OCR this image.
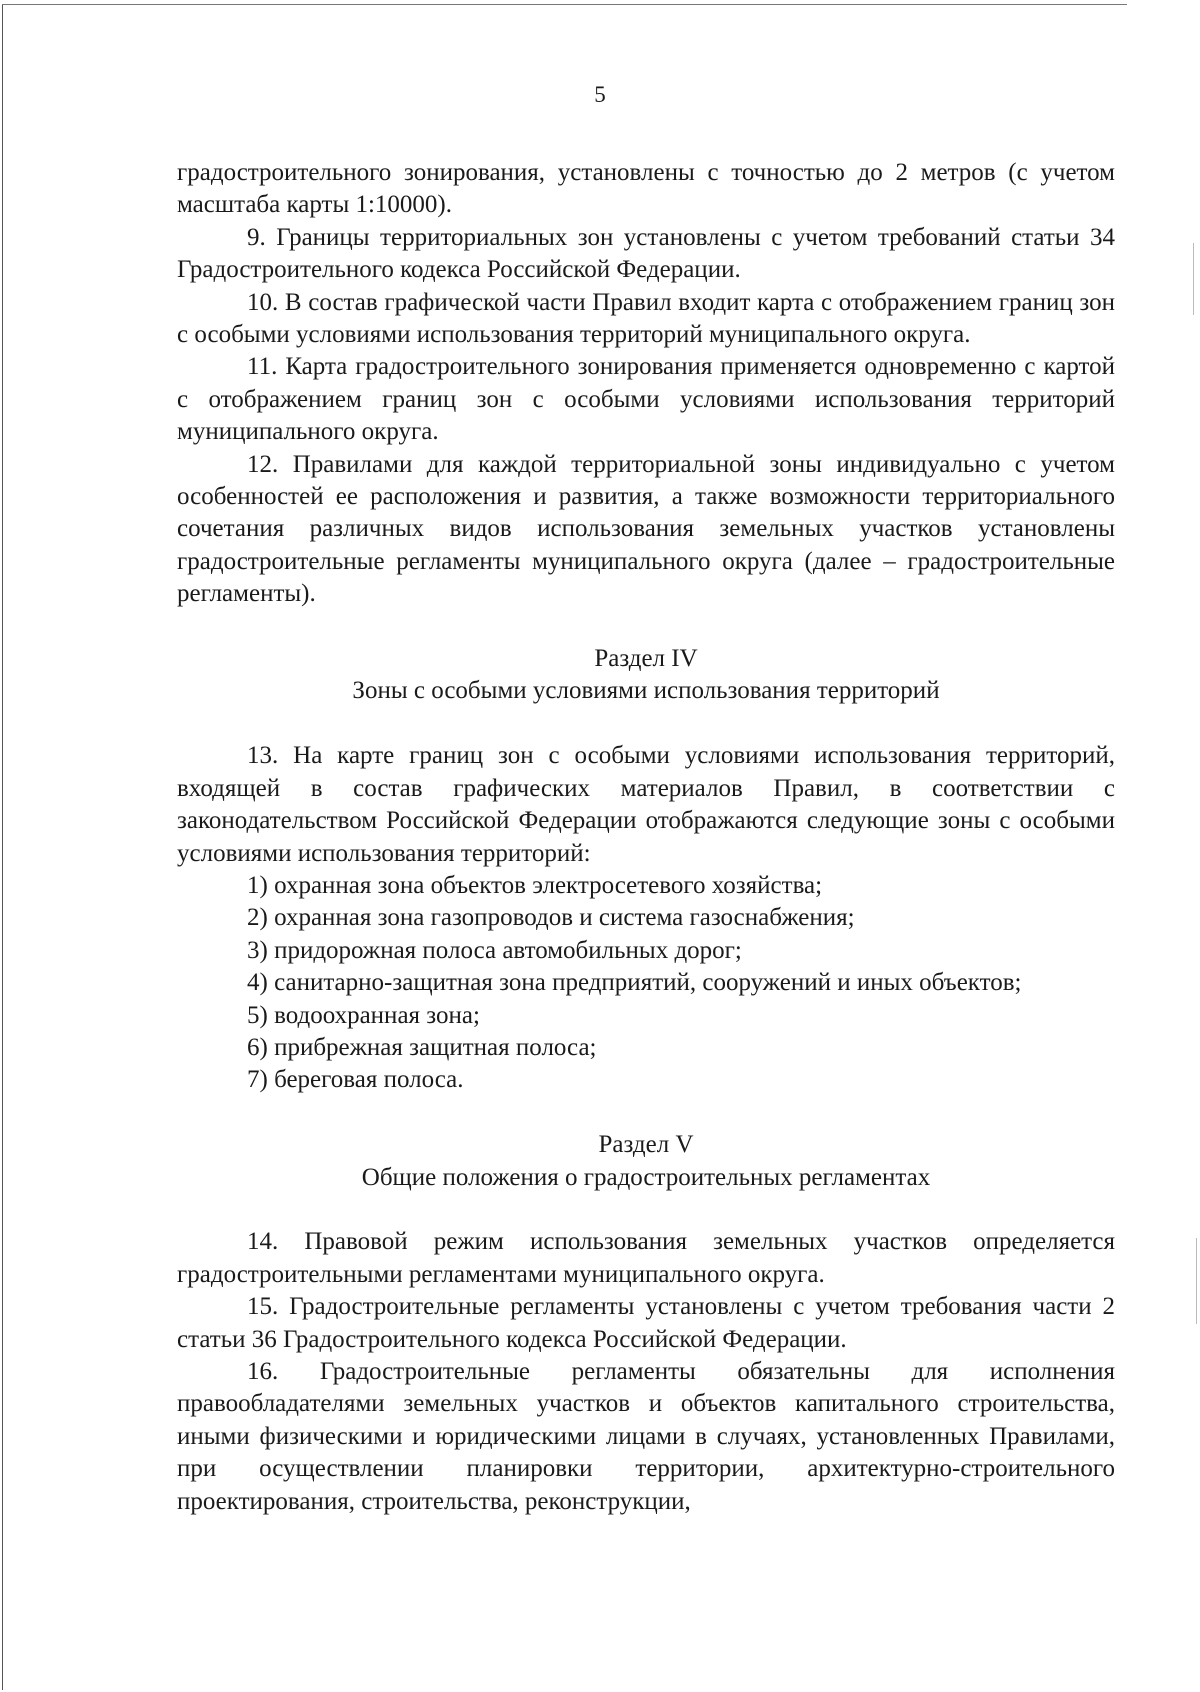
5

градостроительного зонирования, установлены с точностью до 2 метров (с учетом масштаба карты 1:10000).

9. Границы территориальных зон установлены с учетом требований статьи 34 Градостроительного кодекса Российской Федерации.

10. В состав графической части Правил входит карта с отображением границ зон с особыми условиями использования территорий муниципального округа.

11. Карта градостроительного зонирования применяется одновременно с картой с отображением границ зон с особыми условиями использования территорий муниципального округа.

12. Правилами для каждой территориальной зоны индивидуально с учетом особенностей ее расположения и развития, а также возможности территориального сочетания различных видов использования земельных участков установлены градостроительные регламенты муниципального округа (далее – градостроительные регламенты).

Раздел IV

Зоны с особыми условиями использования территорий

13. На карте границ зон с особыми условиями использования территорий, входящей в состав графических материалов Правил, в соответствии с законодательством Российской Федерации отображаются следующие зоны с особыми условиями использования территорий:

1) охранная зона объектов электросетевого хозяйства;

2) охранная зона газопроводов и система газоснабжения;

3) придорожная полоса автомобильных дорог;

4) санитарно-защитная зона предприятий, сооружений и иных объектов;

5) водоохранная зона;

6) прибрежная защитная полоса;

7) береговая полоса.

Раздел V

Общие положения о градостроительных регламентах

14. Правовой режим использования земельных участков определяется градостроительными регламентами муниципального округа.

15. Градостроительные регламенты установлены с учетом требования части 2 статьи 36 Градостроительного кодекса Российской Федерации.

16. Градостроительные регламенты обязательны для исполнения правообладателями земельных участков и объектов капитального строительства, иными физическими и юридическими лицами в случаях, установленных Правилами, при осуществлении планировки территории, архитектурно-строительного проектирования, строительства, реконструкции,
